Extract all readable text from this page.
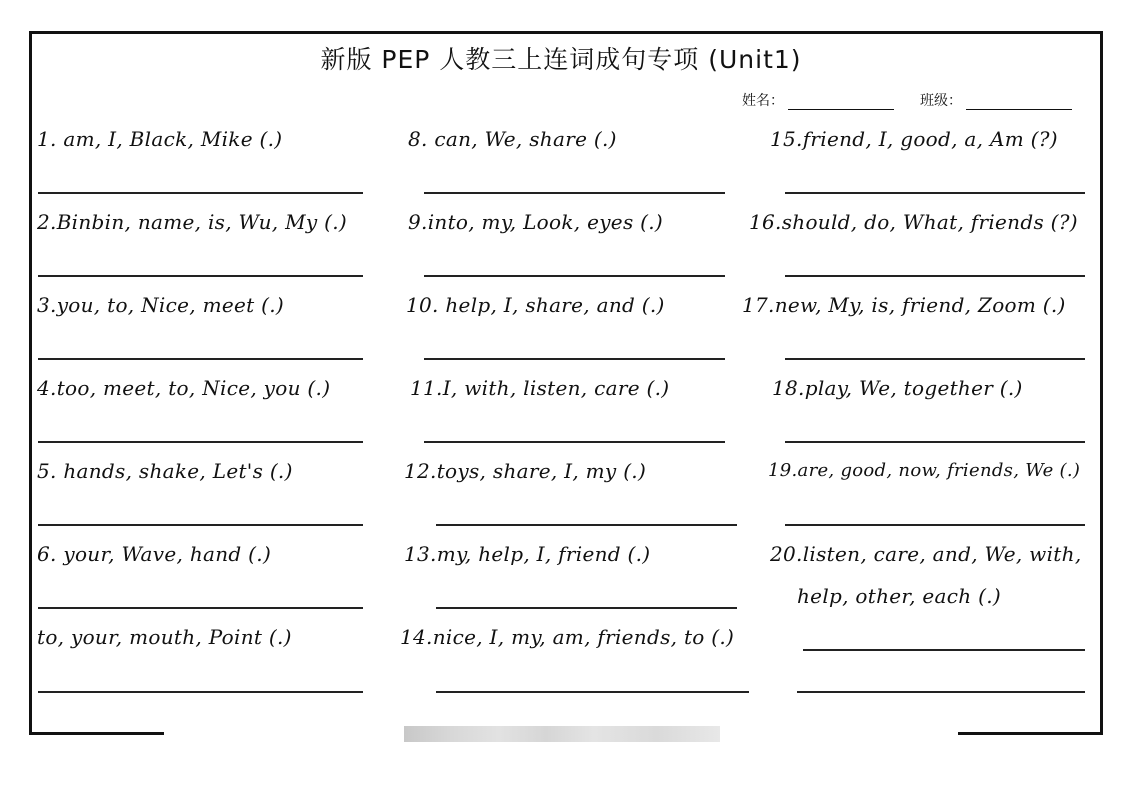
新版 PEP 人教三上连词成句专项 (Unit1)
姓名：	班级：
1. am, I, Black, Mike (.)
2.Binbin, name, is, Wu, My (.)
3.you, to, Nice, meet (.)
4.too, meet, to, Nice, you (.)
5. hands, shake, Let's (.)
6. your, Wave, hand (.)
to, your, mouth, Point (.)
8. can, We, share (.)
9.into, my, Look, eyes (.)
10. help, I, share, and (.)
11.I, with, listen, care (.)
12.toys, share, I, my (.)
13.my, help, I, friend (.)
14.nice, I, my, am, friends, to (.)
15.friend, I, good, a, Am (?)
16.should, do, What, friends (?)
17.new, My, is, friend, Zoom (.)
18.play, We, together (.)
19.are, good, now, friends, We (.)
20.listen, care, and, We, with,
help, other, each (.)
